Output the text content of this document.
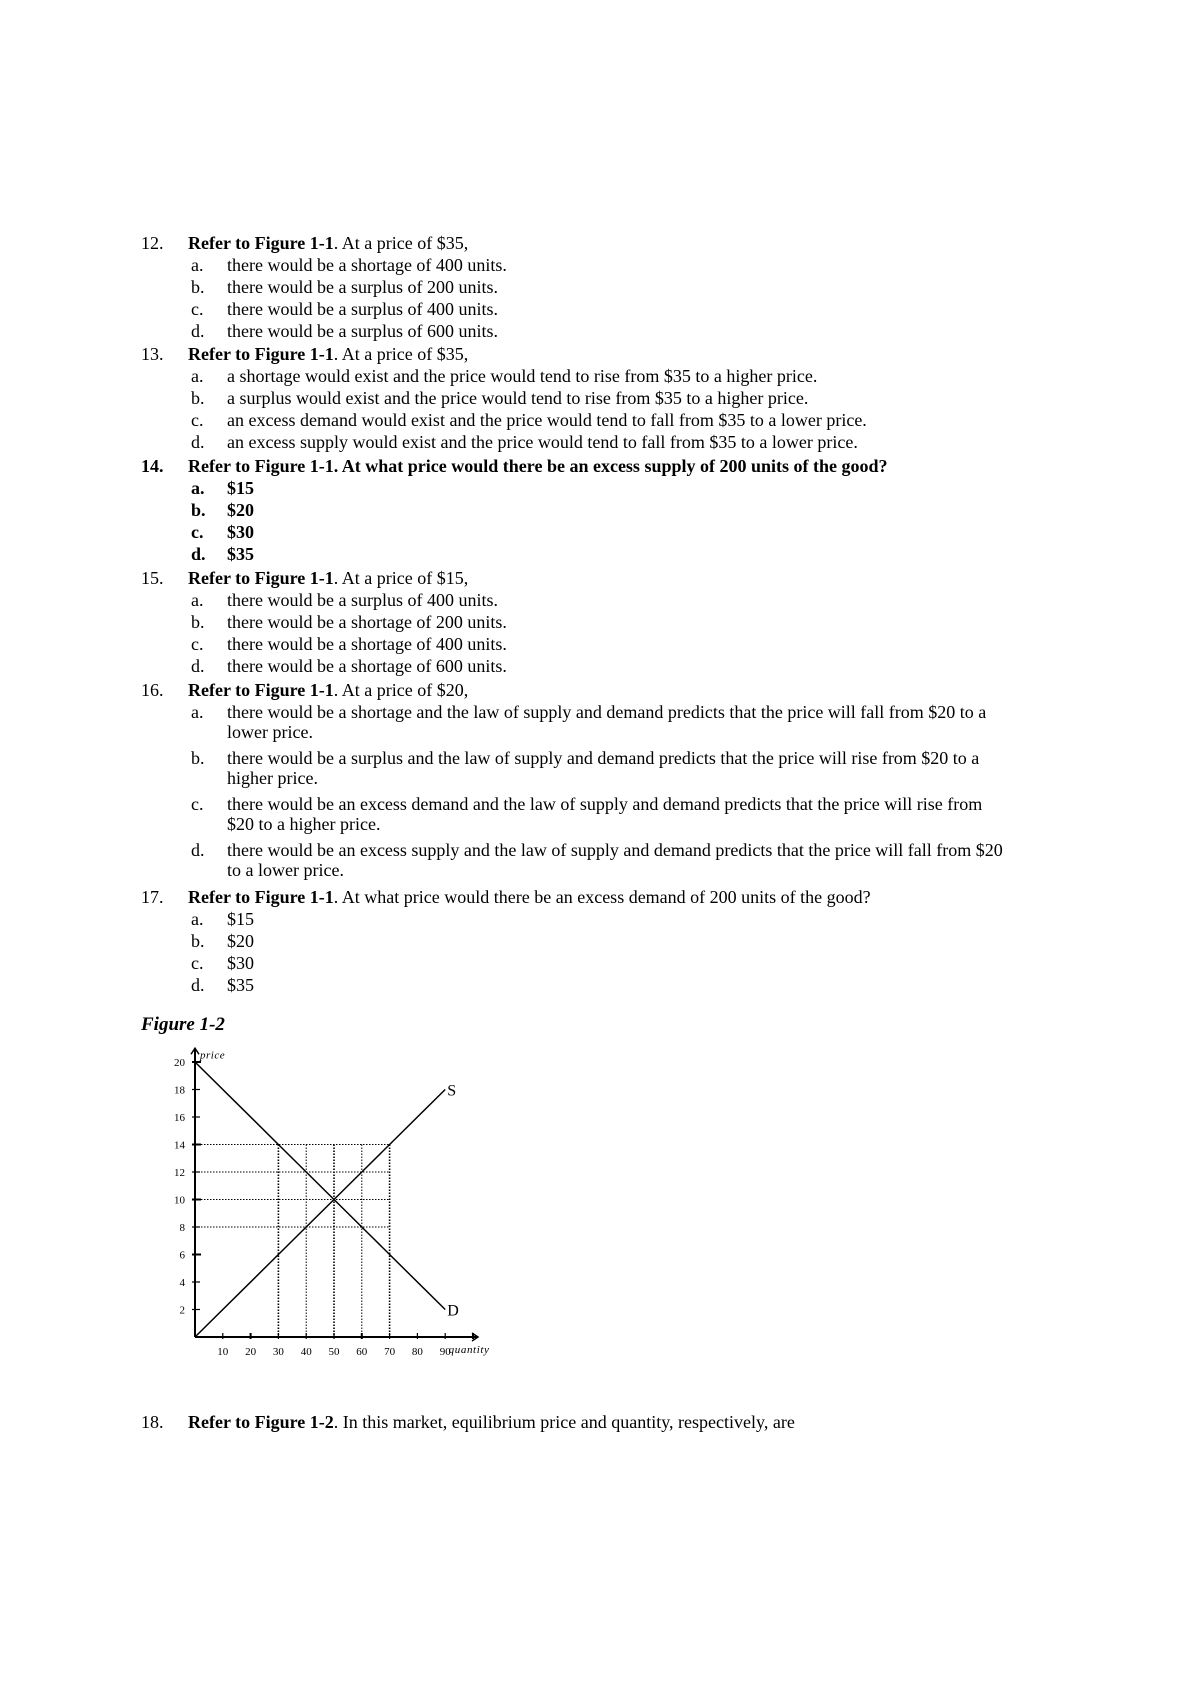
12. Refer to Figure 1-1. At a price of $35,
a. there would be a shortage of 400 units.
b. there would be a surplus of 200 units.
c. there would be a surplus of 400 units.
d. there would be a surplus of 600 units.
13. Refer to Figure 1-1. At a price of $35,
a. a shortage would exist and the price would tend to rise from $35 to a higher price.
b. a surplus would exist and the price would tend to rise from $35 to a higher price.
c. an excess demand would exist and the price would tend to fall from $35 to a lower price.
d. an excess supply would exist and the price would tend to fall from $35 to a lower price.
14. Refer to Figure 1-1. At what price would there be an excess supply of 200 units of the good?
a. $15
b. $20
c. $30
d. $35
15. Refer to Figure 1-1. At a price of $15,
a. there would be a surplus of 400 units.
b. there would be a shortage of 200 units.
c. there would be a shortage of 400 units.
d. there would be a shortage of 600 units.
16. Refer to Figure 1-1. At a price of $20,
a. there would be a shortage and the law of supply and demand predicts that the price will fall from $20 to a lower price.
b. there would be a surplus and the law of supply and demand predicts that the price will rise from $20 to a higher price.
c. there would be an excess demand and the law of supply and demand predicts that the price will rise from $20 to a higher price.
d. there would be an excess supply and the law of supply and demand predicts that the price will fall from $20 to a lower price.
17. Refer to Figure 1-1. At what price would there be an excess demand of 200 units of the good?
a. $15
b. $20
c. $30
d. $35
Figure 1-2
2
4
6
8
10
12
14
16
18
20
10 20 30 40 50 60 70 80 90
price
quantity
D
S
18. Refer to Figure 1-2. In this market, equilibrium price and quantity, respectively, are
